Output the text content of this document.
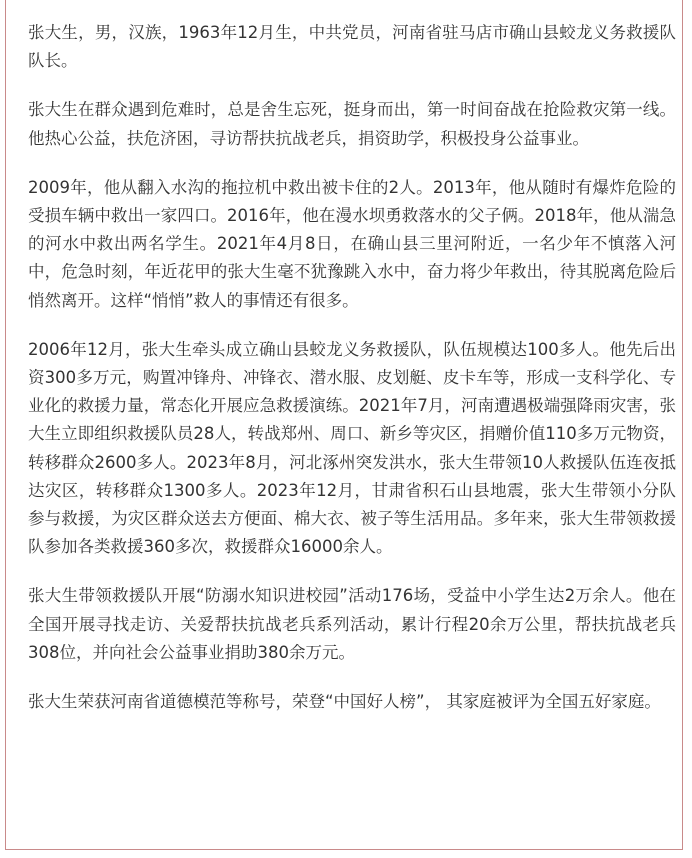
张大生，男，汉族，1963年12月生，中共党员，河南省驻马店市确山县蛟龙义务救援队队长。

张大生在群众遇到危难时，总是舍生忘死，挺身而出，第一时间奋战在抢险救灾第一线。他热心公益，扶危济困，寻访帮扶抗战老兵，捐资助学，积极投身公益事业。

2009年，他从翻入水沟的拖拉机中救出被卡住的2人。2013年，他从随时有爆炸危险的受损车辆中救出一家四口。2016年，他在漫水坝勇救落水的父子俩。2018年，他从湍急的河水中救出两名学生。2021年4月8日，在确山县三里河附近，一名少年不慎落入河中，危急时刻，年近花甲的张大生毫不犹豫跳入水中，奋力将少年救出，待其脱离危险后悄然离开。这样“悄悄”救人的事情还有很多。

2006年12月，张大生牵头成立确山县蛟龙义务救援队，队伍规模达100多人。他先后出资300多万元，购置冲锋舟、冲锋衣、潜水服、皮划艇、皮卡车等，形成一支科学化、专业化的救援力量，常态化开展应急救援演练。2021年7月，河南遭遇极端强降雨灾害，张大生立即组织救援队员28人，转战郑州、周口、新乡等灾区，捐赠价值110多万元物资，转移群众2600多人。2023年8月，河北涿州突发洪水，张大生带领10人救援队伍连夜抵达灾区，转移群众1300多人。2023年12月，甘肃省积石山县地震，张大生带领小分队参与救援，为灾区群众送去方便面、棉大衣、被子等生活用品。多年来，张大生带领救援队参加各类救援360多次，救援群众16000余人。

张大生带领救援队开展“防溺水知识进校园”活动176场，受益中小学生达2万余人。他在全国开展寻找走访、关爱帮扶抗战老兵系列活动，累计行程20余万公里，帮扶抗战老兵308位，并向社会公益事业捐助380余万元。

张大生荣获河南省道德模范等称号，荣登“中国好人榜”， 其家庭被评为全国五好家庭。
